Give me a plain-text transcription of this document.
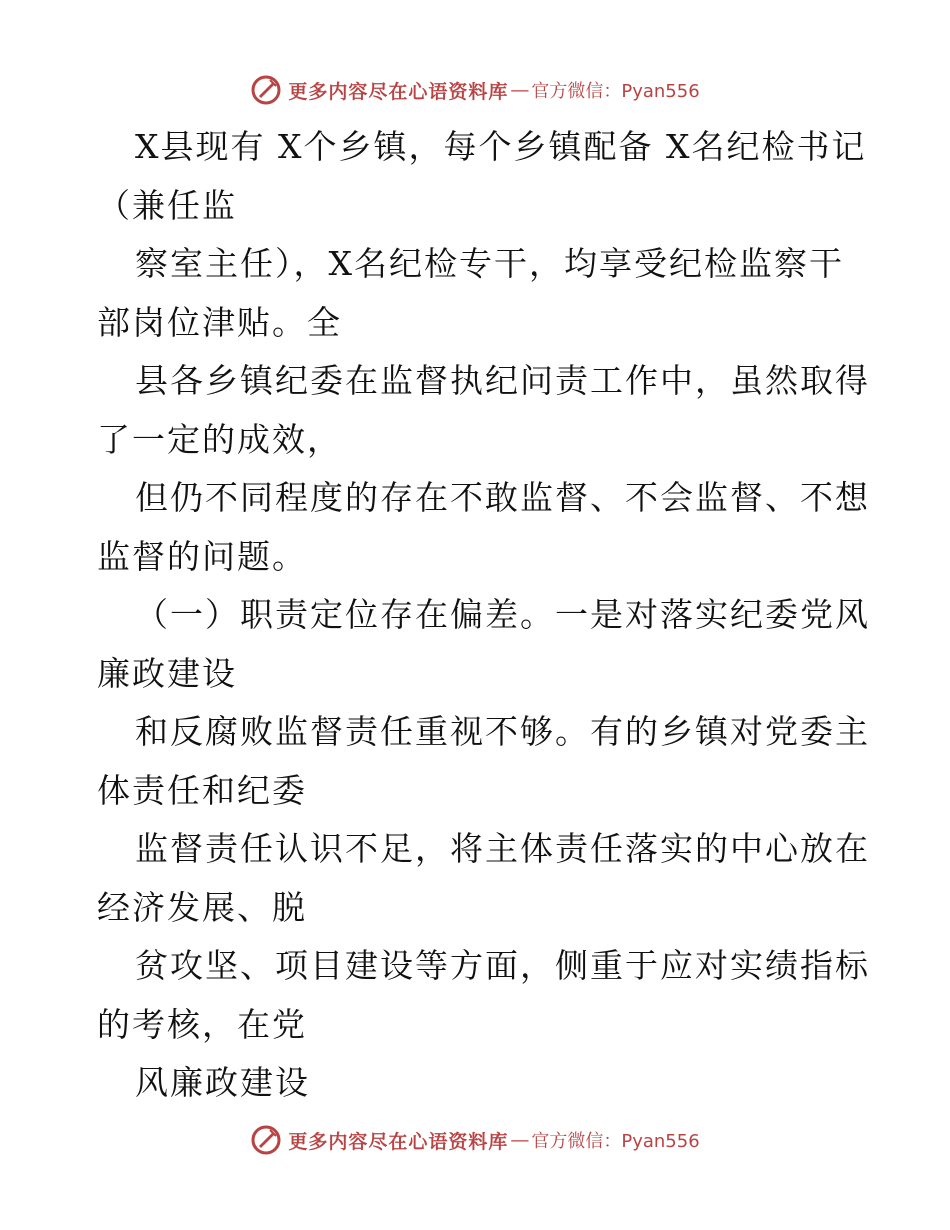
更多内容尽在心语资料库 — 官方微信：Pyan556
X县现有 X个乡镇，每个乡镇配备 X名纪检书记
（兼任监
察室主任），X名纪检专干，均享受纪检监察干
部岗位津贴。全
县各乡镇纪委在监督执纪问责工作中，虽然取得
了一定的成效，
但仍不同程度的存在不敢监督、不会监督、不想
监督的问题。
（一）职责定位存在偏差。一是对落实纪委党风
廉政建设
和反腐败监督责任重视不够。有的乡镇对党委主
体责任和纪委
监督责任认识不足，将主体责任落实的中心放在
经济发展、脱
贫攻坚、项目建设等方面，侧重于应对实绩指标
的考核，在党
风廉政建设
更多内容尽在心语资料库 — 官方微信：Pyan556
